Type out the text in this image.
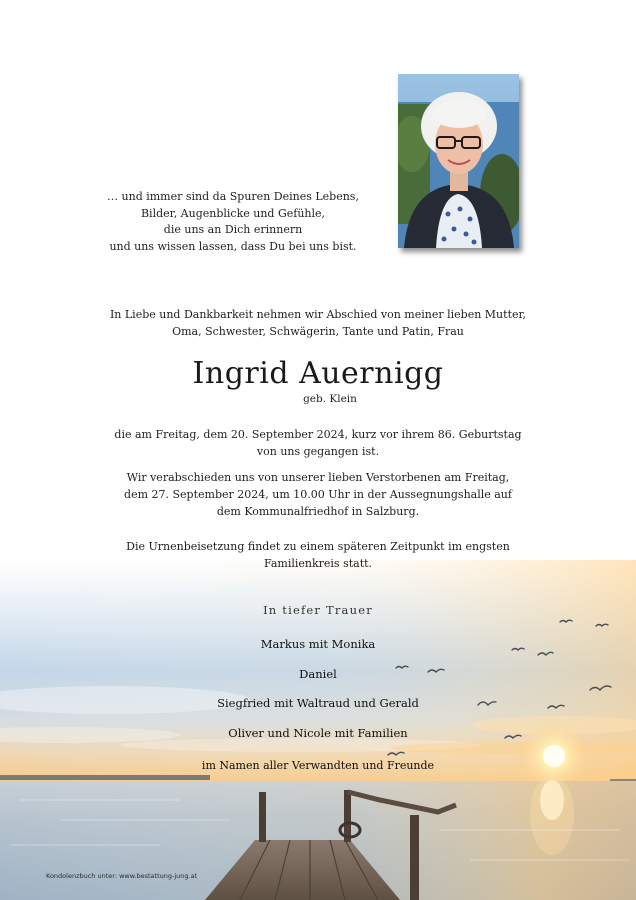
… und immer sind da Spuren Deines Lebens,
Bilder, Augenblicke und Gefühle,
die uns an Dich erinnern
und uns wissen lassen, dass Du bei uns bist.
In Liebe und Dankbarkeit nehmen wir Abschied von meiner lieben Mutter,
Oma, Schwester, Schwägerin, Tante und Patin, Frau
Ingrid Auernigg
geb. Klein
die am Freitag, dem 20. September 2024, kurz vor ihrem 86. Geburtstag
von uns gegangen ist.
Wir verabschieden uns von unserer lieben Verstorbenen am Freitag,
dem 27. September 2024, um 10.00 Uhr in der Aussegnungshalle auf
dem Kommunalfriedhof in Salzburg.
Die Urnenbeisetzung findet zu einem späteren Zeitpunkt im engsten
Familienkreis statt.
In tiefer Trauer
Markus mit Monika
Daniel
Siegfried mit Waltraud und Gerald
Oliver und Nicole mit Familien
im Namen aller Verwandten und Freunde
Kondolenzbuch unter: www.bestattung-jung.at
